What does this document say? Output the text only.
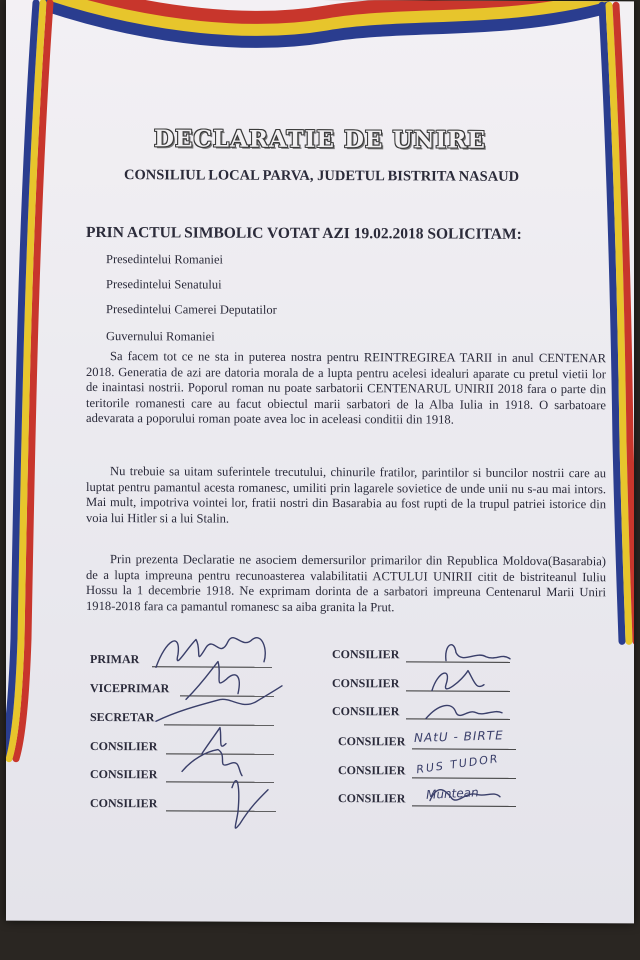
DECLARATIE DE UNIRE
CONSILIUL LOCAL PARVA, JUDETUL BISTRITA NASAUD
PRIN ACTUL SIMBOLIC VOTAT AZI 19.02.2018 SOLICITAM:
Presedintelui Romaniei
Presedintelui Senatului
Presedintelui Camerei Deputatilor
Guvernului Romaniei

Sa facem tot ce ne sta in puterea nostra pentru REINTREGIREA TARII in anul CENTENAR 2018. Generatia de azi are datoria morala de a lupta pentru acelesi idealuri aparate cu pretul vietii lor de inaintasi nostrii. Poporul roman nu poate sarbatorii CENTENARUL UNIRII 2018 fara o parte din teritorile romanesti care au facut obiectul marii sarbatori de la Alba Iulia in 1918. O sarbatoare adevarata a poporului roman poate avea loc in aceleasi conditii din 1918.

Nu trebuie sa uitam suferintele trecutului, chinurile fratilor, parintilor si buncilor nostrii care au luptat pentru pamantul acesta romanesc, umiliti prin lagarele sovietice de unde unii nu s-au mai intors. Mai mult, impotriva vointei lor, fratii nostri din Basarabia au fost rupti de la trupul patriei istorice din voia lui Hitler si a lui Stalin.

Prin prezenta Declaratie ne asociem demersurilor primarilor din Republica Moldova(Basarabia) de a lupta impreuna pentru recunoasterea valabilitatii ACTULUI UNIRII citit de bistriteanul Iuliu Hossu la 1 decembrie 1918. Ne exprimam dorinta de a sarbatori impreuna Centenarul Marii Uniri 1918-2018 fara ca pamantul romanesc sa aiba granita la Prut.

PRIMAR
VICEPRIMAR
SECRETAR
CONSILIER
CONSILIER
CONSILIER
CONSILIER
CONSILIER
CONSILIER
CONSILIER
CONSILIER
CONSILIER
NAtU - BIRTE
RUS TUDOR
Muntean
